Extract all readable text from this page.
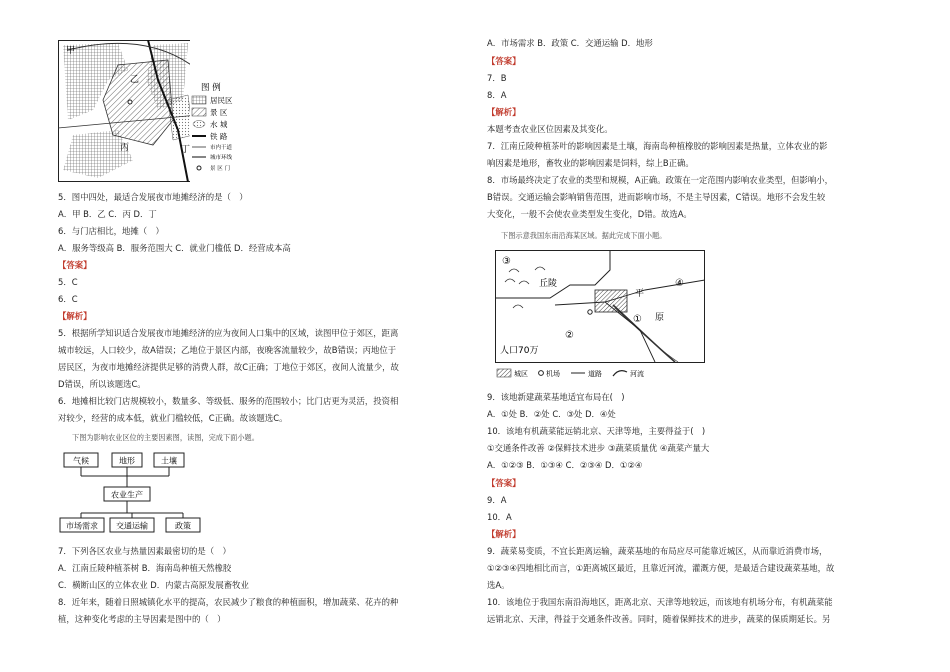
甲
乙
丙	丁
图 例
居民区
景 区
水 城
铁 路
市内干道
城市环线
景 区 门
5．图中四处，最适合发展夜市地摊经济的是（　）
A．甲 B．乙 C．丙 D．丁
6．与门店相比，地摊（　）
A．服务等级高 B．服务范围大 C．就业门槛低 D．经营成本高
【答案】
5．C
6．C
【解析】
5．根据所学知识适合发展夜市地摊经济的应为夜间人口集中的区域，读图甲位于郊区，距离
城市较远，人口较少，故A错误；乙地位于景区内部，夜晚客流量较少，故B错误；丙地位于
居民区，为夜市地摊经济提供足够的消费人群，故C正确；丁地位于郊区，夜间人流量少，故
D错误，所以该题选C。
6．地摊相比较门店规模较小，数量多、等级低、服务的范围较小；比门店更为灵活，投资相
对较少，经营的成本低，就业门槛较低，C正确。故该题选C。
下图为影响农业区位的主要因素图，读图，完成下面小题。
气候	地形	土壤
农业生产
市场需求 交通运输	政策
7．下列各区农业与热量因素最密切的是（　）
A．江南丘陵种植茶树 B．海南岛种植天然橡胶
C．横断山区的立体农业 D．内蒙古高原发展畜牧业
8．近年来，随着日照城镇化水平的提高，农民减少了粮食的种植面积，增加蔬菜、花卉的种
植，这种变化考虑的主导因素是图中的（　）
A．市场需求 B．政策 C．交通运输 D．地形
【答案】
7．B
8．A
【解析】
本题考查农业区位因素及其变化。
7．江南丘陵种植茶叶的影响因素是土壤，海南岛种植橡胶的影响因素是热量，立体农业的影
响因素是地形，畜牧业的影响因素是饲料，综上B正确。
8．市场最终决定了农业的类型和规模，A正确。政策在一定范围内影响农业类型，但影响小，
B错误。交通运输会影响销售范围，进而影响市场，不是主导因素，C错误。地形不会发生较
大变化，一般不会使农业类型发生变化，D错。故选A。
下图示意我国东南沿海某区域。据此完成下面小题。
③
④
①
②
丘陵
平
原
人口70万
城区	机场	道路	河流
9．该地新建蔬菜基地适宜布局在(　)
A．①处 B．②处 C．③处 D．④处
10．该地有机蔬菜能远销北京、天津等地，主要得益于(　)
①交通条件改善 ②保鲜技术进步 ③蔬菜质量优 ④蔬菜产量大
A．①②③ B．①③④ C．②③④ D．①②④
【答案】
9．A
10．A
【解析】
9．蔬菜易变质，不宜长距离运输，蔬菜基地的布局应尽可能靠近城区，从而靠近消费市场，
①②③④四地相比而言，①距离城区最近，且靠近河流，灌溉方便，是最适合建设蔬菜基地，故
选A。
10．该地位于我国东南沿海地区，距离北京、天津等地较远，而该地有机场分布，有机蔬菜能
远销北京、天津，得益于交通条件改善。同时，随着保鲜技术的进步，蔬菜的保质期延长。另
